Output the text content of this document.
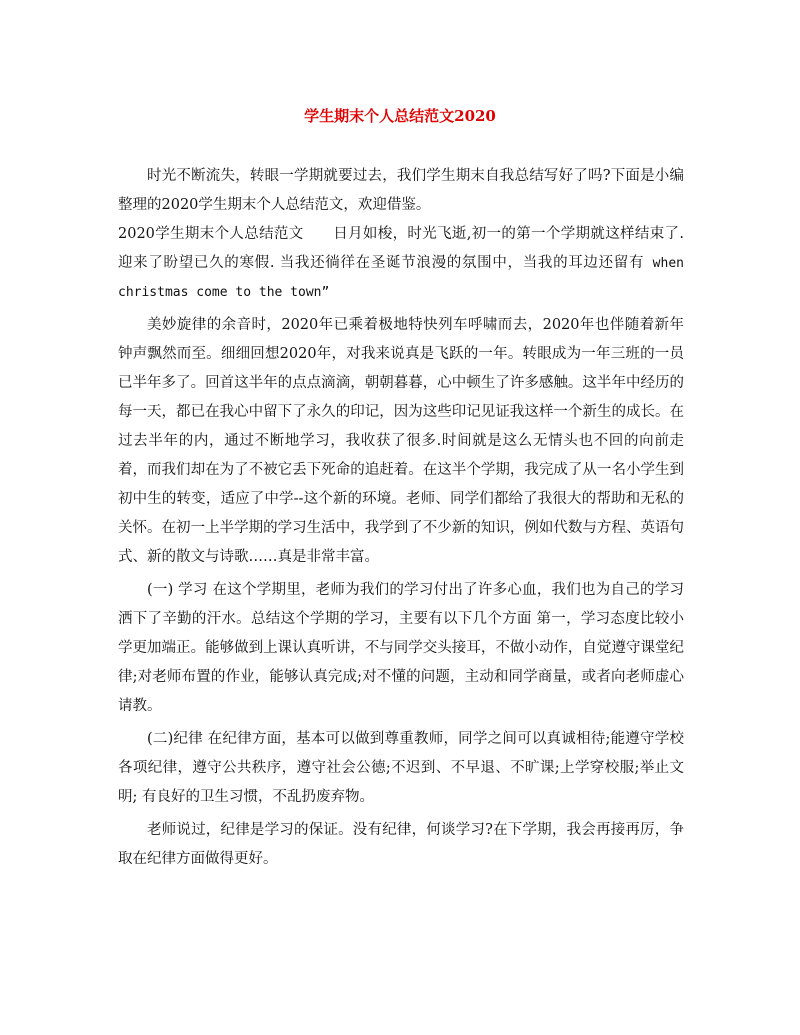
学生期末个人总结范文2020

时光不断流失，转眼一学期就要过去，我们学生期末自我总结写好了吗?下面是小编整理的2020学生期末个人总结范文，欢迎借鉴。

2020学生期末个人总结范文　　日月如梭，时光飞逝,初一的第一个学期就这样结束了.迎来了盼望已久的寒假. 当我还徜徉在圣诞节浪漫的氛围中，当我的耳边还留有 when christmas come to the town”

美妙旋律的余音时，2020年已乘着极地特快列车呼啸而去，2020年也伴随着新年钟声飘然而至。细细回想2020年，对我来说真是飞跃的一年。转眼成为一年三班的一员已半年多了。回首这半年的点点滴滴，朝朝暮暮，心中顿生了许多感触。这半年中经历的每一天，都已在我心中留下了永久的印记，因为这些印记见证我这样一个新生的成长。在过去半年的内，通过不断地学习，我收获了很多.时间就是这么无情头也不回的向前走着，而我们却在为了不被它丢下死命的追赶着。在这半个学期，我完成了从一名小学生到初中生的转变，适应了中学--这个新的环境。老师、同学们都给了我很大的帮助和无私的关怀。在初一上半学期的学习生活中，我学到了不少新的知识，例如代数与方程、英语句式、新的散文与诗歌……真是非常丰富。

(一) 学习 在这个学期里，老师为我们的学习付出了许多心血，我们也为自己的学习洒下了辛勤的汗水。总结这个学期的学习，主要有以下几个方面 第一，学习态度比较小学更加端正。能够做到上课认真听讲，不与同学交头接耳，不做小动作，自觉遵守课堂纪律;对老师布置的作业，能够认真完成;对不懂的问题，主动和同学商量，或者向老师虚心请教。

(二)纪律 在纪律方面，基本可以做到尊重教师，同学之间可以真诚相待;能遵守学校各项纪律，遵守公共秩序，遵守社会公德;不迟到、不早退、不旷课;上学穿校服;举止文明; 有良好的卫生习惯，不乱扔废弃物。

老师说过，纪律是学习的保证。没有纪律，何谈学习?在下学期，我会再接再厉，争取在纪律方面做得更好。
